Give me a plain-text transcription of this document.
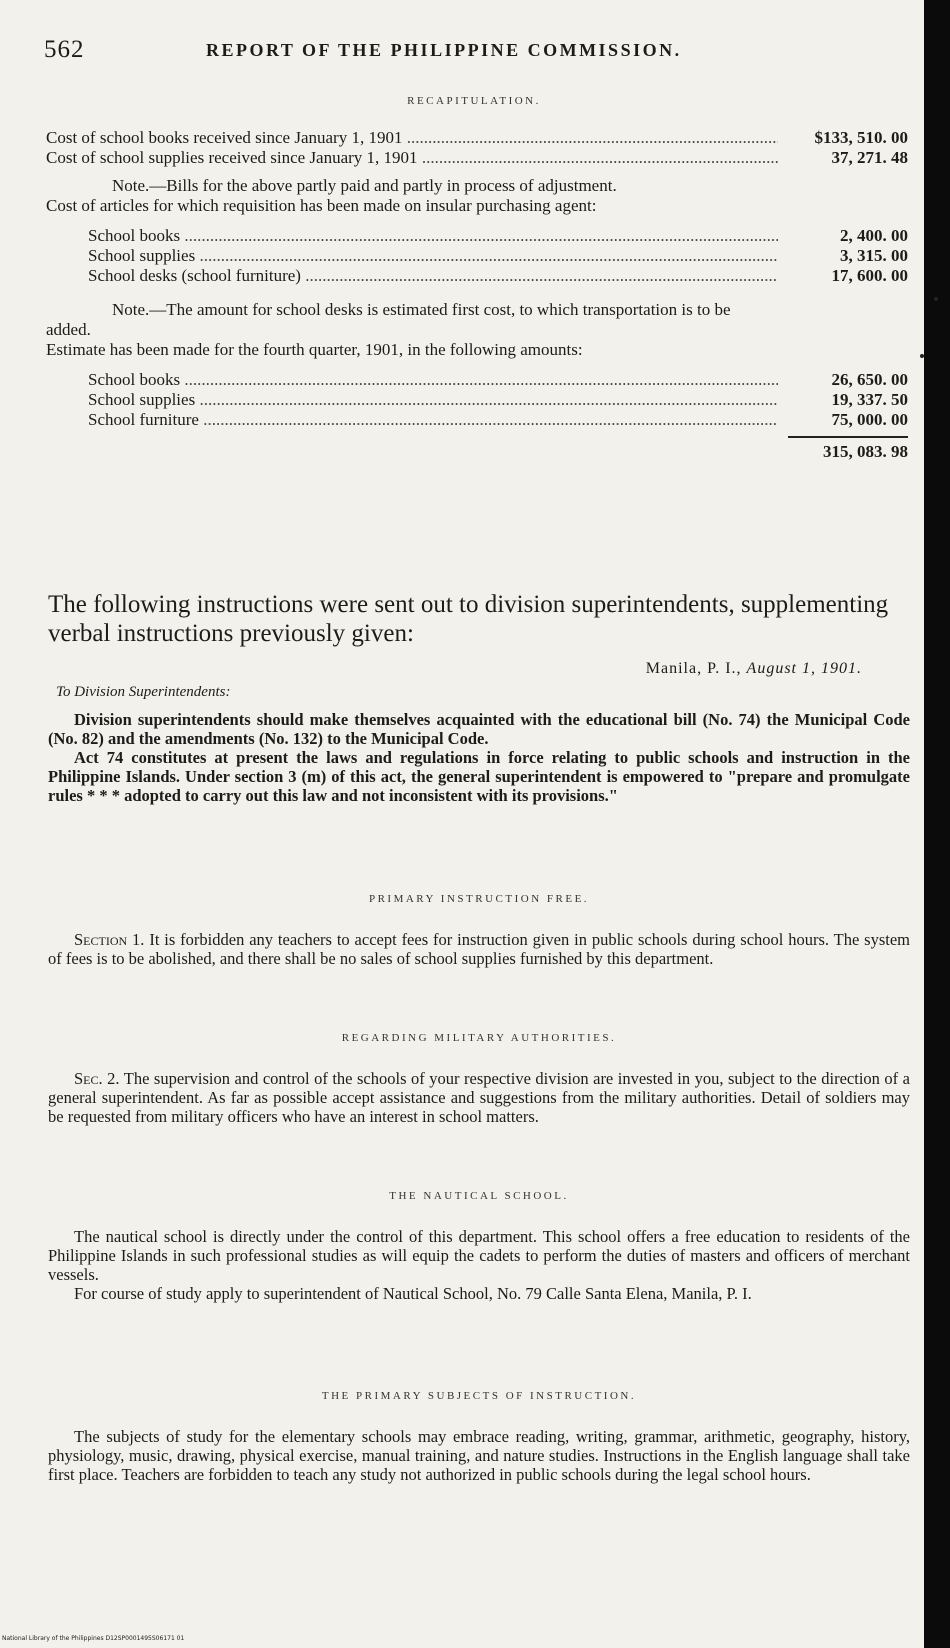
562	REPORT OF THE PHILIPPINE COMMISSION.
RECAPITULATION.
Cost of school books received since January 1, 1901 .....	$133, 510. 00
Cost of school supplies received since January 1, 1901 .....	37, 271. 48
Note.—Bills for the above partly paid and partly in process of adjustment.
Cost of articles for which requisition has been made on insular purchasing agent:
School books .....	2, 400. 00
School supplies .....	3, 315. 00
School desks (school furniture) .....	17, 600. 00
Note.—The amount for school desks is estimated first cost, to which transportation is to be added.
Estimate has been made for the fourth quarter, 1901, in the following amounts:
School books .....	26, 650. 00
School supplies .....	19, 337. 50
School furniture .....	75, 000. 00
315, 083. 98
The following instructions were sent out to division superintendents, supplementing verbal instructions previously given:
Manila, P. I., August 1, 1901.
To Division Superintendents:

Division superintendents should make themselves acquainted with the educational bill (No. 74) the Municipal Code (No. 82) and the amendments (No. 132) to the Municipal Code.

Act 74 constitutes at present the laws and regulations in force relating to public schools and instruction in the Philippine Islands. Under section 3 (m) of this act, the general superintendent is empowered to "prepare and promulgate rules * * * adopted to carry out this law and not inconsistent with its provisions."

PRIMARY INSTRUCTION FREE.

Section 1. It is forbidden any teachers to accept fees for instruction given in public schools during school hours. The system of fees is to be abolished, and there shall be no sales of school supplies furnished by this department.

REGARDING MILITARY AUTHORITIES.

Sec. 2. The supervision and control of the schools of your respective division are invested in you, subject to the direction of a general superintendent. As far as possible accept assistance and suggestions from the military authorities. Detail of soldiers may be requested from military officers who have an interest in school matters.

THE NAUTICAL SCHOOL.

The nautical school is directly under the control of this department. This school offers a free education to residents of the Philippine Islands in such professional studies as will equip the cadets to perform the duties of masters and officers of merchant vessels.

For course of study apply to superintendent of Nautical School, No. 79 Calle Santa Elena, Manila, P. I.

THE PRIMARY SUBJECTS OF INSTRUCTION.

The subjects of study for the elementary schools may embrace reading, writing, grammar, arithmetic, geography, history, physiology, music, drawing, physical exercise, manual training, and nature studies. Instructions in the English language shall take first place. Teachers are forbidden to teach any study not authorized in public schools during the legal school hours.

National Library of the Philippines D12SP0001495S06171 01
